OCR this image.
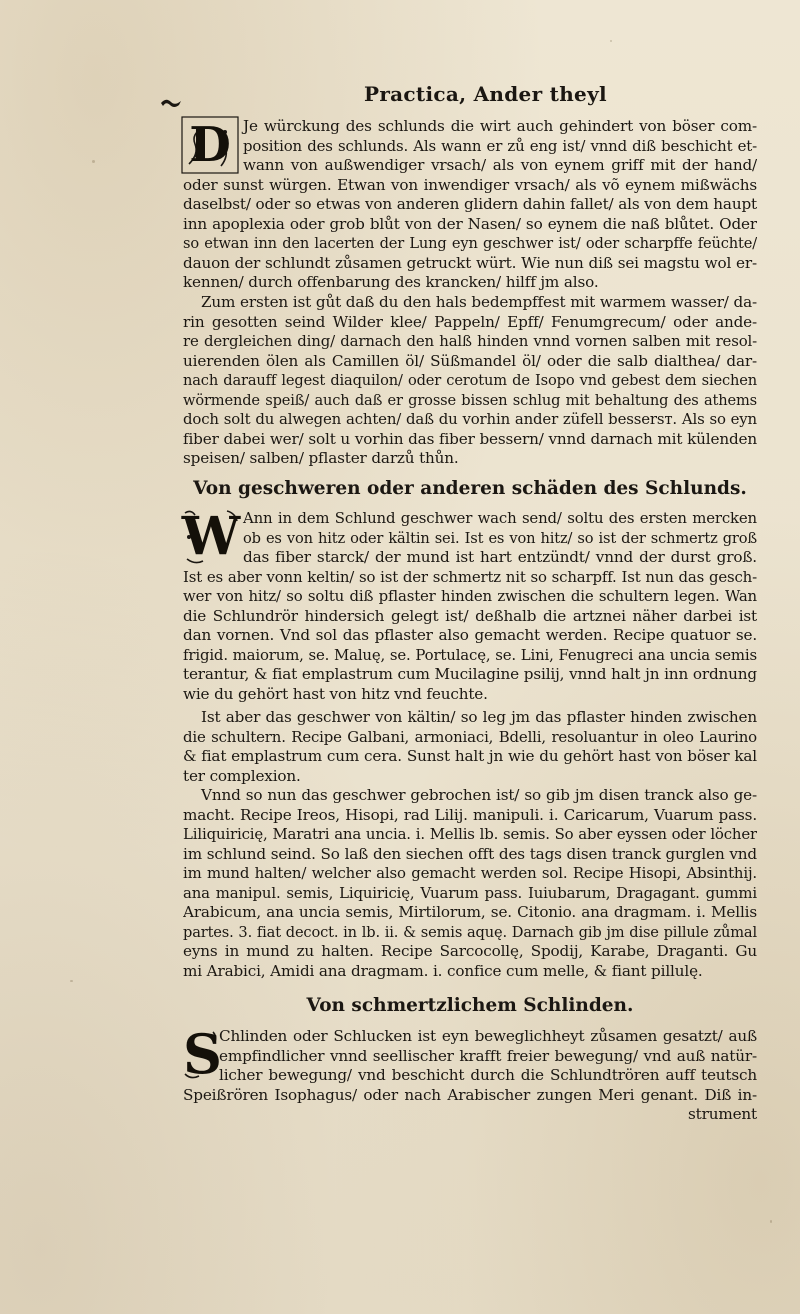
Practica, Ander theyl
D Je würckung des schlunds die wirt auch gehindert von böser com-
position des schlunds. Als wann er zů eng ist/ vnnd diß beschicht et-
wann von außwendiger vrsach/ als von eynem griff mit der hand/
oder sunst würgen. Etwan von inwendiger vrsach/ als võ eynem mißwächs
daselbst/ oder so etwas von anderen glidern dahin fallet/ als von dem haupt
inn apoplexia oder grob blůt von der Nasen/ so eynem die naß blůtet. Oder
so etwan inn den lacerten der Lung eyn geschwer ist/ oder scharpffe feüchte/
dauon der schlundt zůsamen getruckt würt. Wie nun diß sei magstu wol er-
kennen/ durch offenbarung des krancken/ hilff jm also.
Zum ersten ist gůt daß du den hals bedempffest mit warmem wasser/ da-
rin gesotten seind Wilder klee/ Pappeln/ Epff/ Fenumgrecum/ oder ande-
re dergleichen ding/ darnach den halß hinden vnnd vornen salben mit resol-
uierenden ölen als Camillen öl/ Süßmandel öl/ oder die salb dialthea/ dar-
nach darauff legest diaquilon/ oder cerotum de Isopo vnd gebest dem siechen
wörmende speiß/ auch daß er grosse bissen schlug mit behaltung des athems
doch solt du alwegen achten/ daß du vorhin ander züfell bessersт. Als so eyn
fiber dabei wer/ solt u vorhin das fiber bessern/ vnnd darnach mit külenden
speisen/ salben/ pflaster darzů thůn.
Von geschweren oder anderen schäden des Schlunds.
W Ann in dem Schlund geschwer wach send/ soltu des ersten mercken
ob es von hitz oder kältin sei. Ist es von hitz/ so ist der schmertz groß
das fiber starck/ der mund ist hart entzündt/ vnnd der durst groß.
Ist es aber vonn keltin/ so ist der schmertz nit so scharpff. Ist nun das gesch-
wer von hitz/ so soltu diß pflaster hinden zwischen die schultern legen. Wan
die Schlundrör hindersich gelegt ist/ deßhalb die artznei näher darbei ist
dan vornen. Vnd sol das pflaster also gemacht werden. Recipe quatuor se.
frigid. maiorum, se. Maluę, se. Portulacę, se. Lini, Fenugreci ana uncia semis
terantur, & fiat emplastrum cum Mucilagine psilij, vnnd halt jn inn ordnung
wie du gehört hast von hitz vnd feuchte.
Ist aber das geschwer von kältin/ so leg jm das pflaster hinden zwischen
die schultern. Recipe Galbani, armoniaci, Bdelli, resoluantur in oleo Laurino
& fiat emplastrum cum cera. Sunst halt jn wie du gehört hast von böser kal
ter complexion.
Vnnd so nun das geschwer gebrochen ist/ so gib jm disen tranck also ge-
macht. Recipe Ireos, Hisopi, rad Lilij. manipuli. i. Caricarum, Vuarum pass.
Liliquiricię, Maratri ana uncia. i. Mellis lb. semis. So aber eyssen oder löcher
im schlund seind. So laß den siechen offt des tags disen tranck gurglen vnd
im mund halten/ welcher also gemacht werden sol. Recipe Hisopi, Absinthij.
ana manipul. semis, Liquiricię, Vuarum pass. Iuiubarum, Dragagant. gummi
Arabicum, ana uncia semis, Mirtilorum, se. Citonio. ana dragmam. i. Mellis
partes. 3. fiat decoct. in lb. ii. & semis aquę. Darnach gib jm dise pillule zůmal
eyns in mund zu halten. Recipe Sarcocollę, Spodij, Karabe, Draganti. Gu
mi Arabici, Amidi ana dragmam. i. confice cum melle, & fiant pillulę.
Von schmertzlichem Schlinden.
S
Chlinden oder Schlucken ist eyn beweglichheyt zůsamen gesatzt/ auß
empfindlicher vnnd seellischer krafft freier bewegung/ vnd auß natür-
licher bewegung/ vnd beschicht durch die Schlundtrören auff teutsch
Speißrören Isophagus/ oder nach Arabischer zungen Meri genant. Diß in-
strument
